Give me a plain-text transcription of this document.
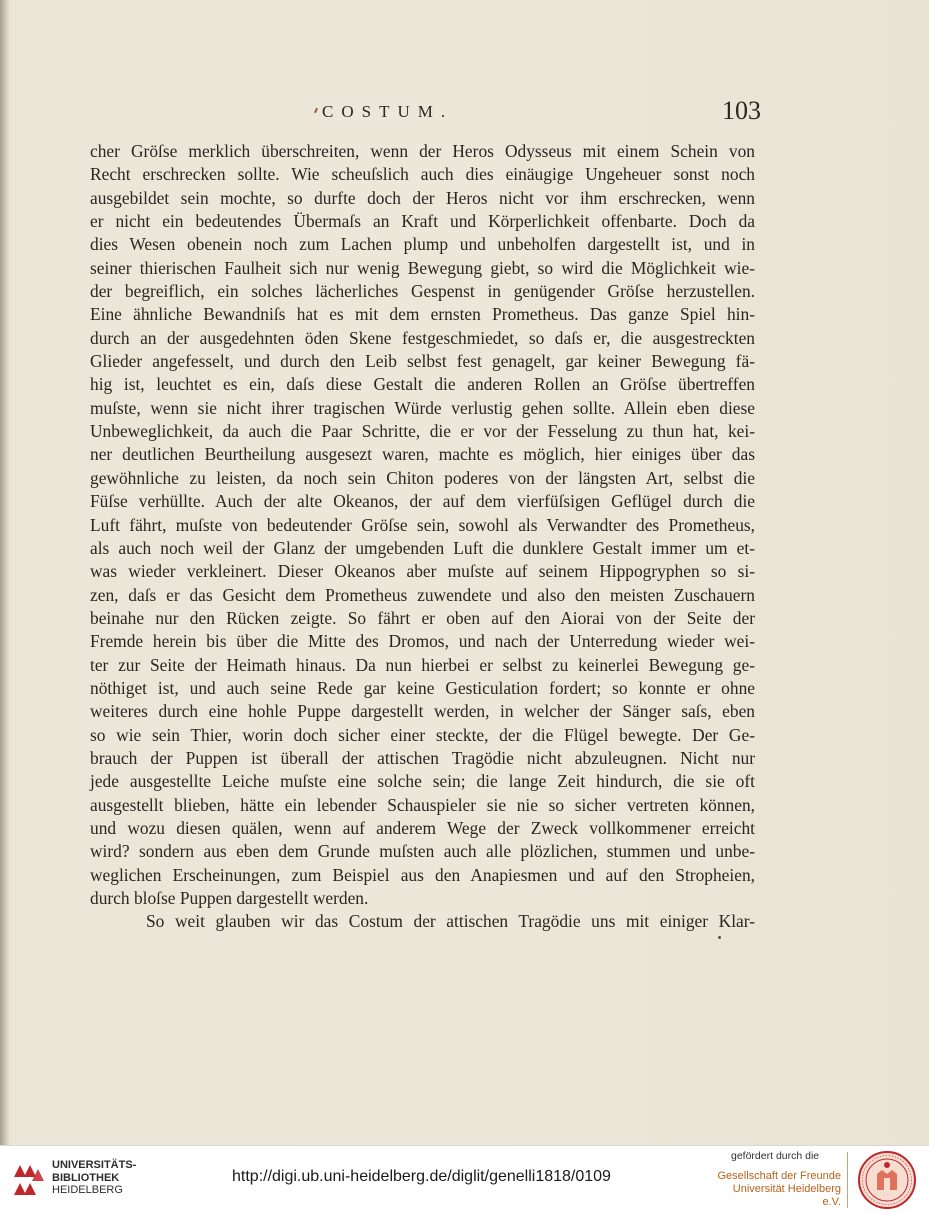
COSTUM.	103
cher Gröſse merklich überschreiten, wenn der Heros Odysseus mit einem Schein von
Recht erschrecken sollte. Wie scheuſslich auch dies einäugige Ungeheuer sonst noch
ausgebildet sein mochte, so durfte doch der Heros nicht vor ihm erschrecken, wenn
er nicht ein bedeutendes Übermaſs an Kraft und Körperlichkeit offenbarte. Doch da
dies Wesen obenein noch zum Lachen plump und unbeholfen dargestellt ist, und in
seiner thierischen Faulheit sich nur wenig Bewegung giebt, so wird die Möglichkeit wie-
der begreiflich, ein solches lächerliches Gespenst in genügender Gröſse herzustellen.
Eine ähnliche Bewandniſs hat es mit dem ernsten Prometheus. Das ganze Spiel hin-
durch an der ausgedehnten öden Skene festgeschmiedet, so daſs er, die ausgestreckten
Glieder angefesselt, und durch den Leib selbst fest genagelt, gar keiner Bewegung fä-
hig ist, leuchtet es ein, daſs diese Gestalt die anderen Rollen an Gröſse übertreffen
muſste, wenn sie nicht ihrer tragischen Würde verlustig gehen sollte. Allein eben diese
Unbeweglichkeit, da auch die Paar Schritte, die er vor der Fesselung zu thun hat, kei-
ner deutlichen Beurtheilung ausgesezt waren, machte es möglich, hier einiges über das
gewöhnliche zu leisten, da noch sein Chiton poderes von der längsten Art, selbst die
Füſse verhüllte. Auch der alte Okeanos, der auf dem vierfüſsigen Geflügel durch die
Luft fährt, muſste von bedeutender Gröſse sein, sowohl als Verwandter des Prometheus,
als auch noch weil der Glanz der umgebenden Luft die dunklere Gestalt immer um et-
was wieder verkleinert. Dieser Okeanos aber muſste auf seinem Hippogryphen so si-
zen, daſs er das Gesicht dem Prometheus zuwendete und also den meisten Zuschauern
beinahe nur den Rücken zeigte. So fährt er oben auf den Aiorai von der Seite der
Fremde herein bis über die Mitte des Dromos, und nach der Unterredung wieder wei-
ter zur Seite der Heimath hinaus. Da nun hierbei er selbst zu keinerlei Bewegung ge-
nöthiget ist, und auch seine Rede gar keine Gesticulation fordert; so konnte er ohne
weiteres durch eine hohle Puppe dargestellt werden, in welcher der Sänger saſs, eben
so wie sein Thier, worin doch sicher einer steckte, der die Flügel bewegte. Der Ge-
brauch der Puppen ist überall der attischen Tragödie nicht abzuleugnen. Nicht nur
jede ausgestellte Leiche muſste eine solche sein; die lange Zeit hindurch, die sie oft
ausgestellt blieben, hätte ein lebender Schauspieler sie nie so sicher vertreten können,
und wozu diesen quälen, wenn auf anderem Wege der Zweck vollkommener erreicht
wird? sondern aus eben dem Grunde muſsten auch alle plözlichen, stummen und unbe-
weglichen Erscheinungen, zum Beispiel aus den Anapiesmen und auf den Stropheien,
durch bloſse Puppen dargestellt werden.
So weit glauben wir das Costum der attischen Tragödie uns mit einiger Klar-
UNIVERSITÄTS-
BIBLIOTHEK
HEIDELBERG
http://digi.ub.uni-heidelberg.de/diglit/genelli1818/0109
gefördert durch die
Gesellschaft der Freunde
Universität Heidelberg e.V.
